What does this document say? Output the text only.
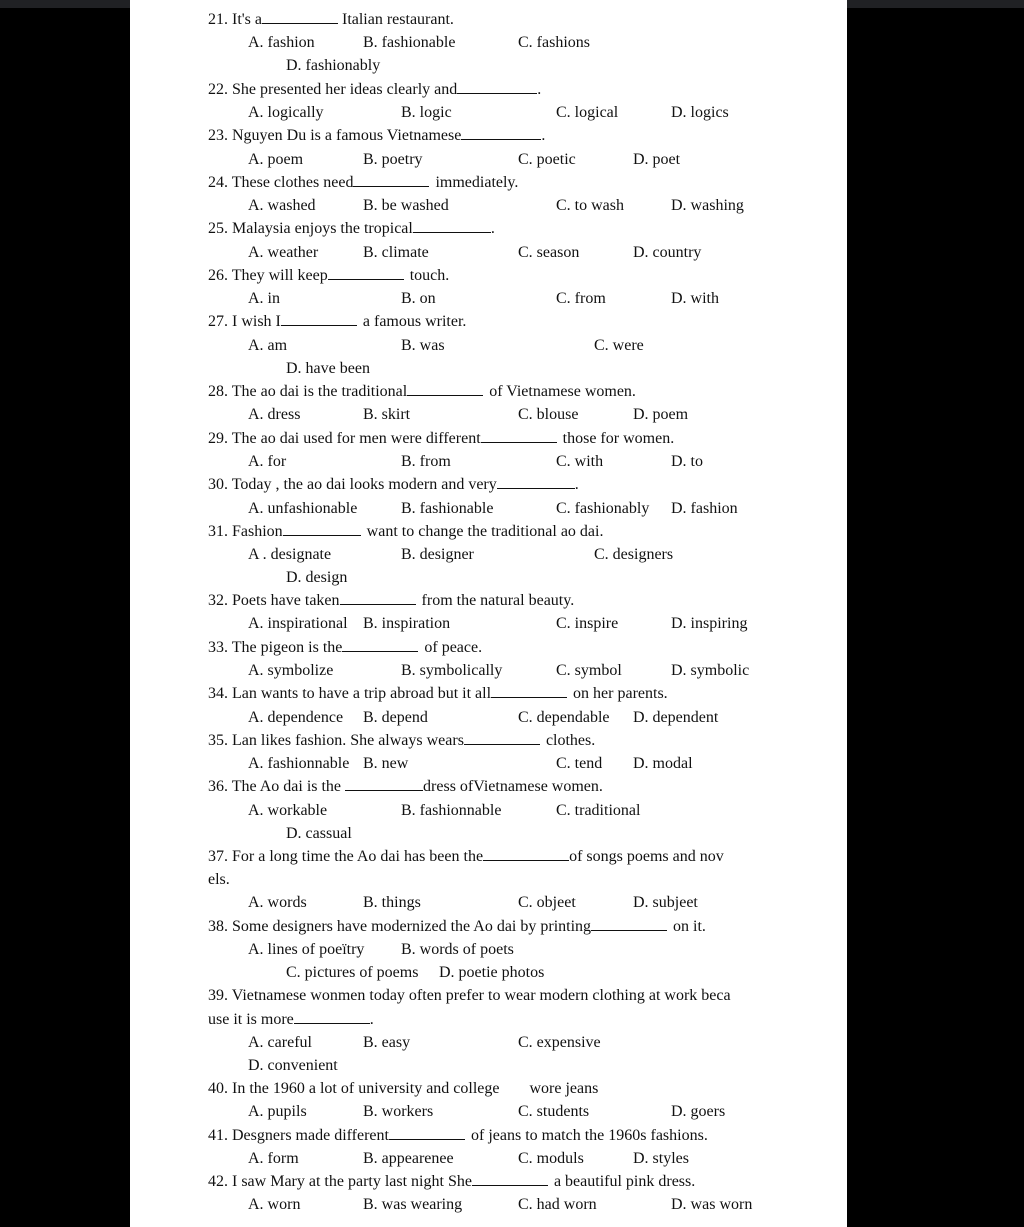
21. It's a	Italian restaurant.
A. fashion	B. fashionable	C. fashions
D. fashionably
22. She presented her ideas clearly and	.
A. logically	B. logic	C. logical	D. logics
23. Nguyen Du is a famous Vietnamese	.
A. poem	B. poetry	C. poetic	D. poet
24. These clothes need	immediately.
A. washed	B. be washed	C. to wash	D. washing
25. Malaysia enjoys the tropical	.
A. weather	B. climate	C. season	D. country
26. They will keep	touch.
A. in	B. on	C. from	D. with
27. I wish I	a famous writer.
A. am	B. was	C. were
D. have been
28. The ao dai is the traditional	of Vietnamese women.
A. dress	B. skirt	C. blouse	D. poem
29. The ao dai used for men were different	those for women.
A. for	B. from	C. with	D. to
30. Today , the ao dai looks modern and very	.
A. unfashionable	B. fashionable	C. fashionably D. fashion
31. Fashion	want to change the traditional ao dai.
A . designate	B. designer	C. designers
D. design
32. Poets have taken	from the natural beauty.
A. inspirational B. inspiration	C. inspire	D. inspiring
33. The pigeon is the	of peace.
A. symbolize	B. symbolically	C. symbol	D. symbolic
34. Lan wants to have a trip abroad but it all	on her parents.
A. dependence B. depend	C. dependable D. dependent
35. Lan likes fashion. She always wears	clothes.
A. fashionnable B. new	C. tend D. modal
36. The Ao dai is the	dress ofVietnamese women.
A. workable	B. fashionnable	C. traditional
D. cassual
37. For a long time the Ao dai has been the	of songs poems and nov
els.
A. words	B. things	C. objeet	D. subjeet
38. Some designers have modernized the Ao dai by printing	on it.
A. lines of poeïtry B. words of poets
C. pictures of poems D. poetie photos
39. Vietnamese wonmen today often prefer to wear modern clothing at work beca
use it is more	.
A. careful	B. easy	C. expensive
D. convenient
40. In the 1960 a lot of university and college wore jeans
A. pupils	B. workers	C. students	D. goers
41. Desgners made different	of jeans to match the 1960s fashions.
A. form	B. appearenee	C. moduls	D. styles
42. I saw Mary at the party last night She	a beautiful pink dress.
A. worn	B. was wearing	C. had worn	D. was worn
